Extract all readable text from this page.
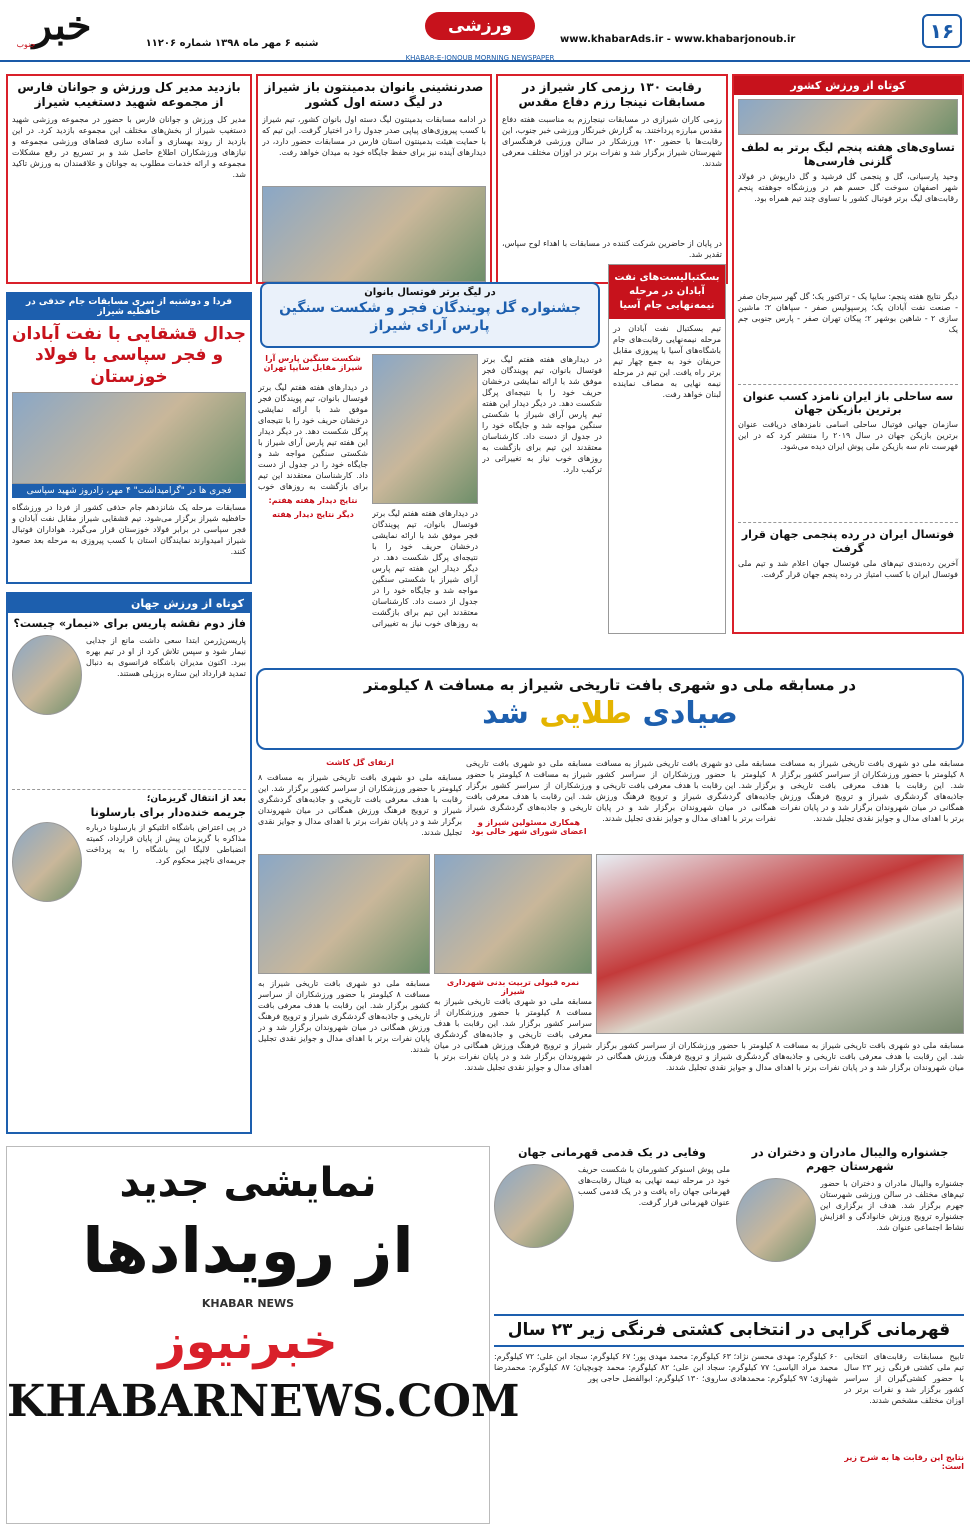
۱۶
www.khabarAds.ir - www.khabarjonoub.ir
ورزشی
KHABAR-E-JONOUB MORNING NEWSPAPER
شنبه ۶ مهر ماه ۱۳۹۸ شماره ۱۱۲۰۶
خبر
جنوب
بازدید مدیر کل ورزش و جوانان فارس از مجموعه شهید دستغیب شیراز
مدیر کل ورزش و جوانان فارس با حضور در مجموعه ورزشی شهید دستغیب شیراز از بخش‌های مختلف این مجموعه بازدید کرد. در این بازدید از روند بهسازی و آماده سازی فضاهای ورزشی مجموعه و نیازهای ورزشکاران اطلاع حاصل شد و بر تسریع در رفع مشکلات مجموعه و ارائه خدمات مطلوب به جوانان و علاقمندان به ورزش تاکید شد.
صدرنشینی بانوان بدمینتون باز شیراز در لیگ دسته اول کشور
در ادامه مسابقات بدمینتون لیگ دسته اول بانوان کشور، تیم شیراز با کسب پیروزی‌های پیاپی صدر جدول را در اختیار گرفت. این تیم که با حمایت هیئت بدمینتون استان فارس در مسابقات حضور دارد، در دیدارهای آینده نیز برای حفظ جایگاه خود به میدان خواهد رفت.
رقابت ۱۳۰ رزمی کار شیراز در مسابقات نینجا رزم دفاع مقدس
رزمی کاران شیرازی در مسابقات نینجارزم به مناسبت هفته دفاع مقدس مبارزه پرداختند. به گزارش خبرنگار ورزشی خبر جنوب، این رقابت‌ها با حضور ۱۳۰ ورزشکار در سالن ورزشی فرهنگسرای شهرستان شیراز برگزار شد و نفرات برتر در اوزان مختلف معرفی شدند.
در پایان از حاضرین شرکت کننده در مسابقات با اهداء لوح سپاس، تقدیر شد.
کوتاه از ورزش کشور
تساوی‌های هفته پنجم لیگ برتر به لطف گلزنی فارسی‌ها
وحید پارسیانی، گل و پنجمی گل فرشید و گل داریوش در فولاد شهر اصفهان سوخت گل حسم هم در ورزشگاه جوهفته پنجم رقابت‌های لیگ برتر فوتبال کشور با تساوی چند تیم همراه بود.
دیگر نتایج هفته پنجم: سایپا یک - تراکتور یک؛ گل گهر سیرجان صفر - صنعت نفت آبادان یک؛ پرسپولیس صفر - سپاهان ۲؛ ماشین سازی ۲ - شاهین بوشهر ۲؛ پیکان تهران صفر - پارس جنوبی جم یک
سه ساحلی باز ایران نامزد کسب عنوان برترین بازیکن جهان
سازمان جهانی فوتبال ساحلی اسامی نامزدهای دریافت عنوان برترین بازیکن جهان در سال ۲۰۱۹ را منتشر کرد که در این فهرست نام سه بازیکن ملی پوش ایران دیده می‌شود.
فوتسال ایران در رده پنجمی جهان قرار گرفت
آخرین رده‌بندی تیم‌های ملی فوتسال جهان اعلام شد و تیم ملی فوتسال ایران با کسب امتیاز در رده پنجم جهان قرار گرفت.
فردا و دوشنبه از سری مسابقات جام حذفی در حافظیه شیراز
جدال قشقایی با نفت آبادان و فجر سپاسی با فولاد خوزستان
فجری ها در "گرامیداشت" ۴ مهر، زادروز شهید سپاسی
مسابقات مرحله یک شانزدهم جام حذفی کشور از فردا در ورزشگاه حافظیه شیراز برگزار می‌شود. تیم قشقایی شیراز مقابل نفت آبادان و فجر سپاسی در برابر فولاد خوزستان قرار می‌گیرد. هواداران فوتبال شیراز امیدوارند نمایندگان استان با کسب پیروزی به مرحله بعد صعود کنند.
بسکتبالیست‌های نفت آبادان در مرحله نیمه‌نهایی جام آسیا
تیم بسکتبال نفت آبادان در مرحله نیمه‌نهایی رقابت‌های جام باشگاه‌های آسیا با پیروزی مقابل حریفان خود به جمع چهار تیم برتر راه یافت. این تیم در مرحله نیمه نهایی به مصاف نماینده لبنان خواهد رفت.
در لیگ برتر فوتسال بانوان
جشنواره گل پویندگان فجر و شکست سنگین پارس آرای شیراز
در دیدارهای هفته هفتم لیگ برتر فوتسال بانوان، تیم پویندگان فجر موفق شد با ارائه نمایشی درخشان حریف خود را با نتیجه‌ای پرگل شکست دهد. در دیگر دیدار این هفته تیم پارس آرای شیراز با شکستی سنگین مواجه شد و جایگاه خود را در جدول از دست داد. کارشناسان معتقدند این تیم برای بازگشت به روزهای خوب نیاز به تغییراتی در ترکیب دارد.
در دیدارهای هفته هفتم لیگ برتر فوتسال بانوان، تیم پویندگان فجر موفق شد با ارائه نمایشی درخشان حریف خود را با نتیجه‌ای پرگل شکست دهد. در دیگر دیدار این هفته تیم پارس آرای شیراز با شکستی سنگین مواجه شد و جایگاه خود را در جدول از دست داد. کارشناسان معتقدند این تیم برای بازگشت به روزهای خوب نیاز به تغییراتی
شکست سنگین پارس آرا شیراز مقابل سایپا تهران
در دیدارهای هفته هفتم لیگ برتر فوتسال بانوان، تیم پویندگان فجر موفق شد با ارائه نمایشی درخشان حریف خود را با نتیجه‌ای پرگل شکست دهد. در دیگر دیدار این هفته تیم پارس آرای شیراز با شکستی سنگین مواجه شد و جایگاه خود را در جدول از دست داد. کارشناسان معتقدند این تیم برای بازگشت به روزهای خوب
نتایج دیدار هفته هفتم:
دیگر نتایج دیدار هفته
کوتاه از ورزش جهان
فاز دوم نقشه پاریس برای «نیمار» چیست؟
پاریسن‌ژرمن ابتدا سعی داشت مانع از جدایی نیمار شود و سپس تلاش کرد از او در تیم بهره ببرد. اکنون مدیران باشگاه فرانسوی به دنبال تمدید قرارداد این ستاره برزیلی هستند.
بعد از انتقال گریزمان؛
جریمه خنده‌دار برای بارسلونا
در پی اعتراض باشگاه اتلتیکو از بارسلونا درباره مذاکره با گریزمان پیش از پایان قرارداد، کمیته انضباطی لالیگا این باشگاه را به پرداخت جریمه‌ای ناچیز محکوم کرد.
در مسابقه ملی دو شهری بافت تاریخی شیراز به مسافت ۸ کیلومتر
صیادی طلایی شد
مسابقه ملی دو شهری بافت تاریخی شیراز به مسافت ۸ کیلومتر با حضور ورزشکاران از سراسر کشور برگزار شد. این رقابت با هدف معرفی بافت تاریخی و جاذبه‌های گردشگری شیراز و ترویج فرهنگ ورزش همگانی در میان شهروندان برگزار شد و در پایان نفرات برتر با اهدای مدال و جوایز نقدی تجلیل شدند.
مسابقه ملی دو شهری بافت تاریخی شیراز به مسافت ۸ کیلومتر با حضور ورزشکاران از سراسر کشور برگزار شد. این رقابت با هدف معرفی بافت تاریخی و جاذبه‌های گردشگری شیراز و ترویج فرهنگ ورزش همگانی در میان شهروندان برگزار شد و در پایان نفرات برتر با اهدای مدال و جوایز نقدی تجلیل شدند.
همکاری مسئولین شیراز و اعضای شورای شهر خالی بود
مسابقه ملی دو شهری بافت تاریخی شیراز به مسافت ۸ کیلومتر با حضور ورزشکاران از سراسر کشور برگزار شد. این رقابت با هدف معرفی بافت تاریخی و جاذبه‌های گردشگری شیراز
ارتقای گل کاشت
مسابقه ملی دو شهری بافت تاریخی شیراز به مسافت ۸ کیلومتر با حضور ورزشکاران از سراسر کشور برگزار شد. این رقابت با هدف معرفی بافت تاریخی و جاذبه‌های گردشگری شیراز و ترویج فرهنگ ورزش همگانی در میان شهروندان برگزار شد و در پایان نفرات برتر با اهدای مدال و جوایز نقدی تجلیل شدند.
نمره قبولی تربیت بدنی شهرداری شیراز
مسابقه ملی دو شهری بافت تاریخی شیراز به مسافت ۸ کیلومتر با حضور ورزشکاران از سراسر کشور برگزار شد. این رقابت با هدف معرفی بافت تاریخی و جاذبه‌های گردشگری شیراز و ترویج فرهنگ ورزش همگانی در میان شهروندان برگزار شد و در پایان نفرات برتر با اهدای مدال و جوایز نقدی تجلیل شدند.
مسابقه ملی دو شهری بافت تاریخی شیراز به مسافت ۸ کیلومتر با حضور ورزشکاران از سراسر کشور برگزار شد. این رقابت با هدف معرفی بافت تاریخی و جاذبه‌های گردشگری شیراز و ترویج فرهنگ ورزش همگانی در میان شهروندان برگزار شد و در پایان نفرات برتر با اهدای مدال و جوایز نقدی تجلیل شدند.	مسابقه ملی دو شهری بافت تاریخی شیراز به مسافت ۸ کیلومتر با حضور ورزشکاران از سراسر کشور برگزار شد. این رقابت با هدف معرفی بافت تاریخی و جاذبه‌های گردشگری شیراز و ترویج فرهنگ ورزش همگانی در میان شهروندان برگزار شد و در پایان نفرات برتر با اهدای مدال و جوایز نقدی تجلیل شدند.
نمایشی جدید
از رویدادها
KHABAR NEWS
خبرنیوز
KHABARNEWS.COM
جشنواره والیبال مادران و دختران در شهرستان جهرم
جشنواره والیبال مادران و دختران با حضور تیم‌های مختلف در سالن ورزشی شهرستان جهرم برگزار شد. هدف از برگزاری این جشنواره ترویج ورزش خانوادگی و افزایش نشاط اجتماعی عنوان شد.
وفایی در یک قدمی قهرمانی جهان
ملی پوش اسنوکر کشورمان با شکست حریف خود در مرحله نیمه نهایی به فینال رقابت‌های قهرمانی جهان راه یافت و در یک قدمی کسب عنوان قهرمانی قرار گرفت.
قهرمانی گرایی در انتخابی کشتی فرنگی زیر ۲۳ سال
تابیح مسابقات رقابت‌های انتخابی تیم ملی کشتی فرنگی زیر ۲۳ سال با حضور کشتی‌گیران از سراسر کشور برگزار شد و نفرات برتر در اوزان مختلف مشخص شدند.
نتایج این رقابت ها به شرح زیر است:
۶۰ کیلوگرم: مهدی محسن نژاد؛ ۶۳ کیلوگرم: محمد مهدی پور؛ ۶۷ کیلوگرم: سجاد ابن علی؛ ۷۲ کیلوگرم: محمد مراد الیاسی؛ ۷۷ کیلوگرم: سجاد ابن علی؛ ۸۲ کیلوگرم: محمد چوبچیان؛ ۸۷ کیلوگرم: محمدرضا شهبازی؛ ۹۷ کیلوگرم: محمدهادی ساروی؛ ۱۳۰ کیلوگرم: ابوالفضل حاجی پور
